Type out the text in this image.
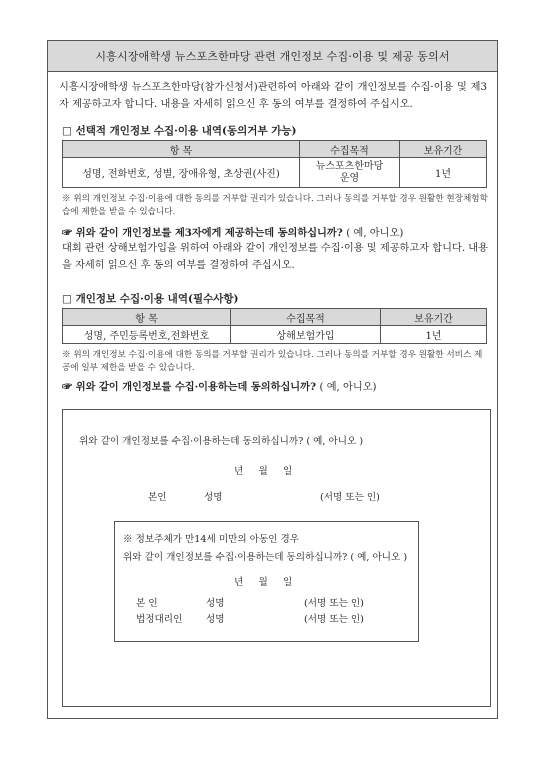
시흥시장애학생 뉴스포츠한마당 관련 개인정보 수집·이용 및 제공 동의서
시흥시장애학생 뉴스포츠한마당(참가신청서)관련하여 아래와 같이 개인정보를 수집·이용 및 제3자 제공하고자 합니다. 내용을 자세히 읽으신 후 동의 여부를 결정하여 주십시오.
□ 선택적 개인정보 수집·이용 내역(동의거부 가능)
항 목	수집목적	보유기간
성명, 전화번호, 성별, 장애유형, 초상권(사진)	뉴스포츠한마당 운영	1년
※ 위의 개인정보 수집·이용에 대한 동의를 거부할 권리가 있습니다. 그러나 동의를 거부할 경우 원활한 현장체험학습에 제한을 받을 수 있습니다.
☞ 위와 같이 개인정보를 제3자에게 제공하는데 동의하십니까? ( 예, 아니오)
대회 관련 상해보험가입을 위하여 아래와 같이 개인정보를 수집·이용 및 제공하고자 합니다. 내용을 자세히 읽으신 후 동의 여부를 결정하여 주십시오.
□ 개인정보 수집·이용 내역(필수사항)
항 목	수집목적	보유기간
성명, 주민등록번호,전화번호	상해보험가입	1년
※ 위의 개인정보 수집·이용에 대한 동의를 거부할 권리가 있습니다. 그러나 동의를 거부할 경우 원활한 서비스 제공에 일부 제한을 받을 수 있습니다.
☞ 위와 같이 개인정보를 수집·이용하는데 동의하십니까? ( 예, 아니오)
위와 같이 개인정보를 수집·이용하는데 동의하십니까? ( 예, 아니오 )
년     월     일
본인	성명	(서명 또는 인)
※ 정보주체가 만14세 미만의 아동인 경우
위와 같이 개인정보를 수집·이용하는데 동의하십니까? ( 예, 아니오 )
년     월     일
본 인	성명	(서명 또는 인)
법정대리인 성명	(서명 또는 인)
